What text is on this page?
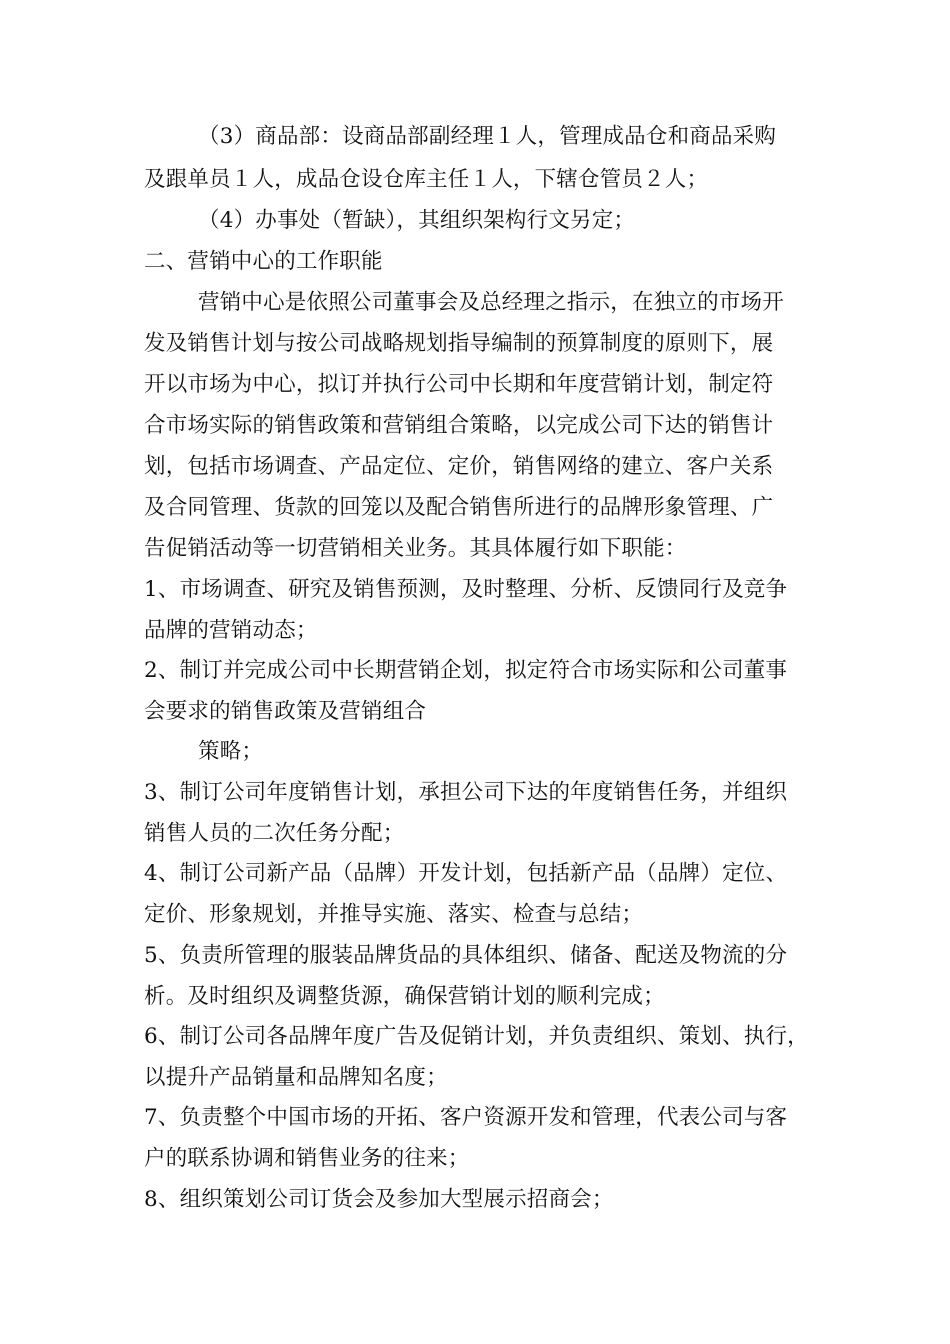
（3）商品部：设商品部副经理１人，管理成品仓和商品采购
及跟单员１人，成品仓设仓库主任１人，下辖仓管员２人；
（4）办事处（暂缺），其组织架构行文另定；
二、营销中心的工作职能
营销中心是依照公司董事会及总经理之指示，在独立的市场开
发及销售计划与按公司战略规划指导编制的预算制度的原则下，展
开以市场为中心，拟订并执行公司中长期和年度营销计划，制定符
合市场实际的销售政策和营销组合策略，以完成公司下达的销售计
划，包括市场调查、产品定位、定价，销售网络的建立、客户关系
及合同管理、货款的回笼以及配合销售所进行的品牌形象管理、广
告促销活动等一切营销相关业务。其具体履行如下职能：
1、市场调查、研究及销售预测，及时整理、分析、反馈同行及竞争
品牌的营销动态；
2、制订并完成公司中长期营销企划，拟定符合市场实际和公司董事
会要求的销售政策及营销组合
策略；
3、制订公司年度销售计划，承担公司下达的年度销售任务，并组织
销售人员的二次任务分配；
4、制订公司新产品（品牌）开发计划，包括新产品（品牌）定位、
定价、形象规划，并推导实施、落实、检查与总结；
5、负责所管理的服装品牌货品的具体组织、储备、配送及物流的分
析。及时组织及调整货源，确保营销计划的顺利完成；
6、制订公司各品牌年度广告及促销计划，并负责组织、策划、执行，
以提升产品销量和品牌知名度；
7、负责整个中国市场的开拓、客户资源开发和管理，代表公司与客
户的联系协调和销售业务的往来；
8、组织策划公司订货会及参加大型展示招商会；
